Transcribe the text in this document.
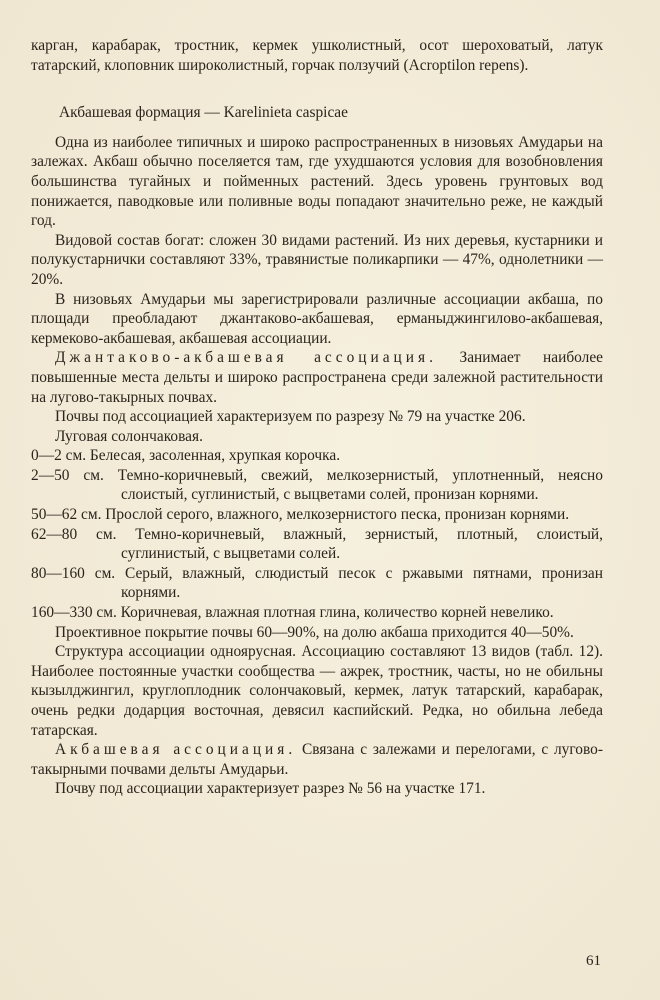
карган, карабарак, тростник, кермек ушколистный, осот шероховатый, латук татарский, клоповник широколистный, горчак ползучий (Acroptilon repens).

Акбашевая формация — Karelinieta caspicae

Одна из наиболее типичных и широко распространенных в низовьях Амударьи на залежах. Акбаш обычно поселяется там, где ухудшаются условия для возобновления большинства тугайных и пойменных растений. Здесь уровень грунтовых вод понижается, паводковые или поливные воды попадают значительно реже, не каждый год.

Видовой состав богат: сложен 30 видами растений. Из них деревья, кустарники и полукустарнички составляют 33%, травянистые поликарпики — 47%, однолетники — 20%.

В низовьях Амударьи мы зарегистрировали различные ассоциации акбаша, по площади преобладают джантаково-акбашевая, ерманыджингилово-акбашевая, кермеково-акбашевая, акбашевая ассоциации.

Джантаково-акбашевая ассоциация. Занимает наиболее повышенные места дельты и широко распространена среди залежной растительности на лугово-такырных почвах.

Почвы под ассоциацией характеризуем по разрезу № 79 на участке 206.

Луговая солончаковая.

0—2 см. Белесая, засоленная, хрупкая корочка.

2—50 см. Темно-коричневый, свежий, мелкозернистый, уплотненный, неясно слоистый, суглинистый, с выцветами солей, пронизан корнями.

50—62 см. Прослой серого, влажного, мелкозернистого песка, пронизан корнями.

62—80 см. Темно-коричневый, влажный, зернистый, плотный, слоистый, суглинистый, с выцветами солей.

80—160 см. Серый, влажный, слюдистый песок с ржавыми пятнами, пронизан корнями.

160—330 см. Коричневая, влажная плотная глина, количество корней невелико.

Проективное покрытие почвы 60—90%, на долю акбаша приходится 40—50%.

Структура ассоциации одноярусная. Ассоциацию составляют 13 видов (табл. 12). Наиболее постоянные участки сообщества — ажрек, тростник, часты, но не обильны кызылджингил, круглоплодник солончаковый, кермек, латук татарский, карабарак, очень редки додарция восточная, девясил каспийский. Редка, но обильна лебеда татарская.

Акбашевая ассоциация. Связана с залежами и перелогами, с лугово-такырными почвами дельты Амударьи.

Почву под ассоциации характеризует разрез № 56 на участке 171.

61
